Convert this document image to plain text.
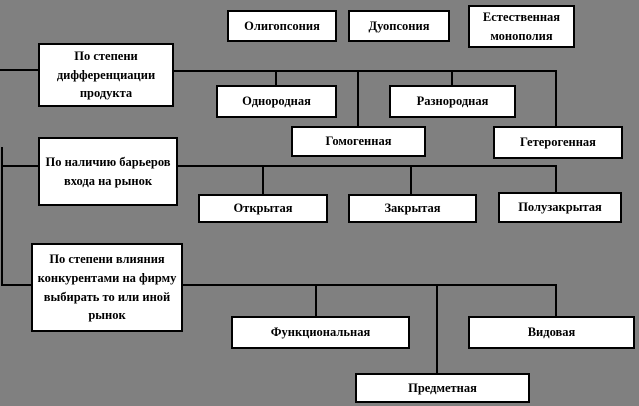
Олигопсония	Дуопсония
Естественная монополия
По степени дифференциации продукта
Однородная	Разнородная
Гомогенная	Гетерогенная
По наличию барьеров входа на рынок
Открытая	Закрытая	Полузакрытая
По степени влияния конкурентами на фирму выбирать то или иной рынок
Функциональная	Видовая
Предметная
